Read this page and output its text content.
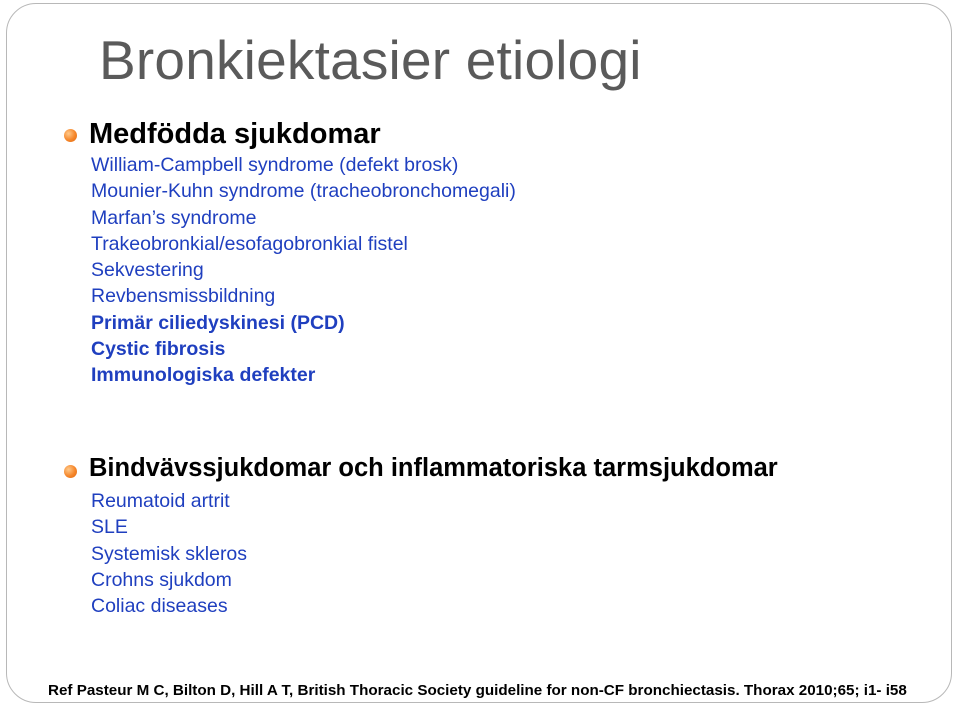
Bronkiektasier etiologi
Medfödda sjukdomar
William-Campbell syndrome (defekt brosk)
Mounier-Kuhn syndrome (tracheobronchomegali)
Marfan’s syndrome
Trakeobronkial/esofagobronkial fistel
Sekvestering
Revbensmissbildning
Primär ciliedyskinesi (PCD)
Cystic fibrosis
Immunologiska defekter
Bindvävssjukdomar och inflammatoriska tarmsjukdomar
Reumatoid artrit
SLE
Systemisk skleros
Crohns sjukdom
Coliac diseases
Ref Pasteur M C, Bilton D, Hill A T, British Thoracic Society guideline for non-CF bronchiectasis. Thorax 2010;65; i1- i58
